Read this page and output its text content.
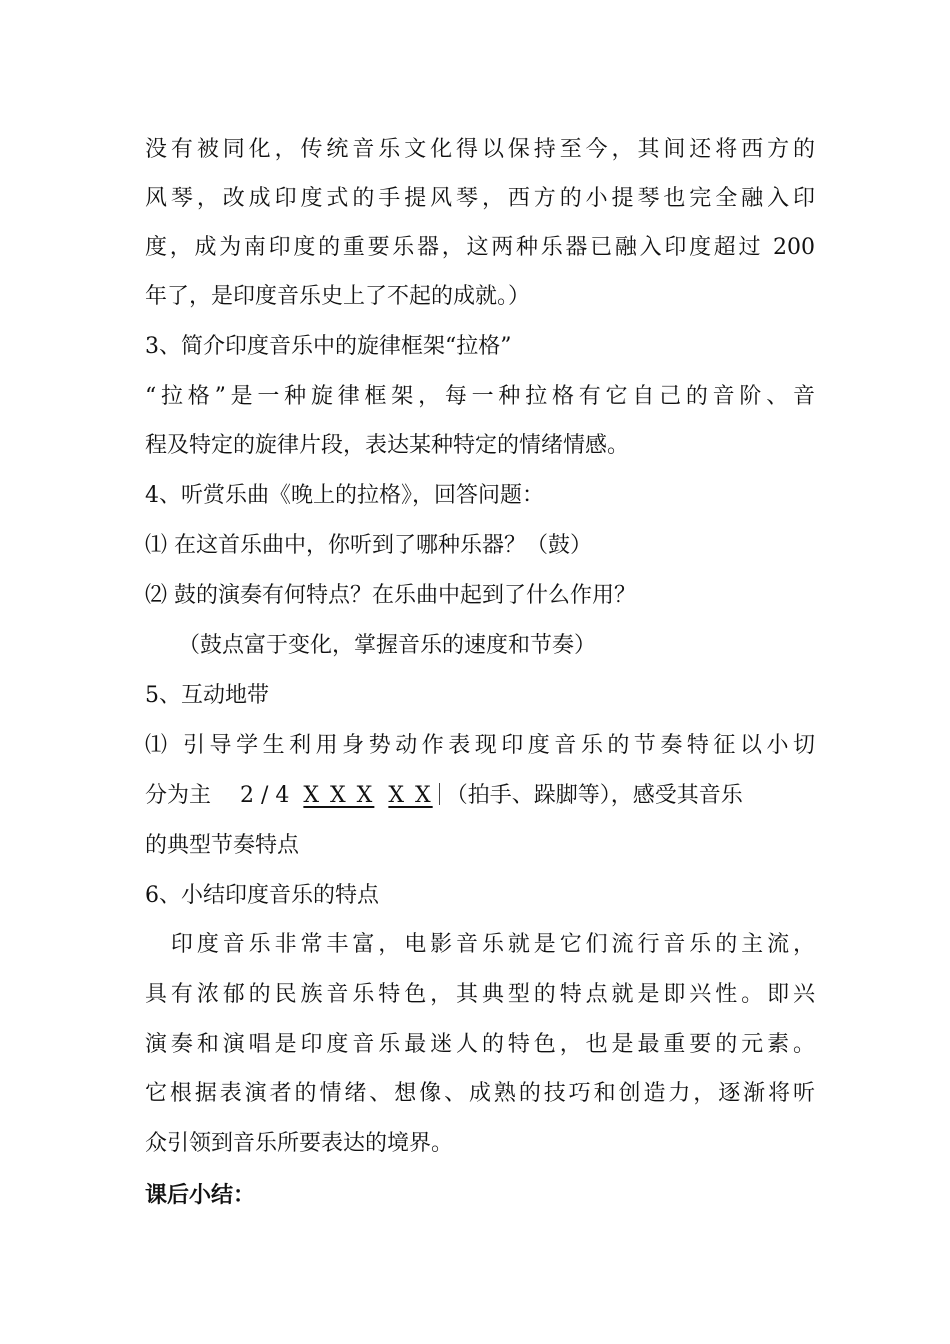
没有被同化，传统音乐文化得以保持至今，其间还将西方的
风琴，改成印度式的手提风琴，西方的小提琴也完全融入印
度，成为南印度的重要乐器，这两种乐器已融入印度超过 200
年了，是印度音乐史上了不起的成就。）
3、简介印度音乐中的旋律框架“拉格”
“拉格”是一种旋律框架，每一种拉格有它自己的音阶、音
程及特定的旋律片段，表达某种特定的情绪情感。
4、听赏乐曲《晚上的拉格》，回答问题：
⑴ 在这首乐曲中，你听到了哪种乐器？（鼓）
⑵ 鼓的演奏有何特点？在乐曲中起到了什么作用？
　　（鼓点富于变化，掌握音乐的速度和节奏）
5、互动地带
⑴ 引导学生利用身势动作表现印度音乐的节奏特征以小切
分为主　 2 / 4  X X X X X （拍手、跺脚等），感受其音乐
的典型节奏特点
6、小结印度音乐的特点
　印度音乐非常丰富，电影音乐就是它们流行音乐的主流，
具有浓郁的民族音乐特色，其典型的特点就是即兴性。即兴
演奏和演唱是印度音乐最迷人的特色，也是最重要的元素。
它根据表演者的情绪、想像、成熟的技巧和创造力，逐渐将听
众引领到音乐所要表达的境界。
课后小结：
